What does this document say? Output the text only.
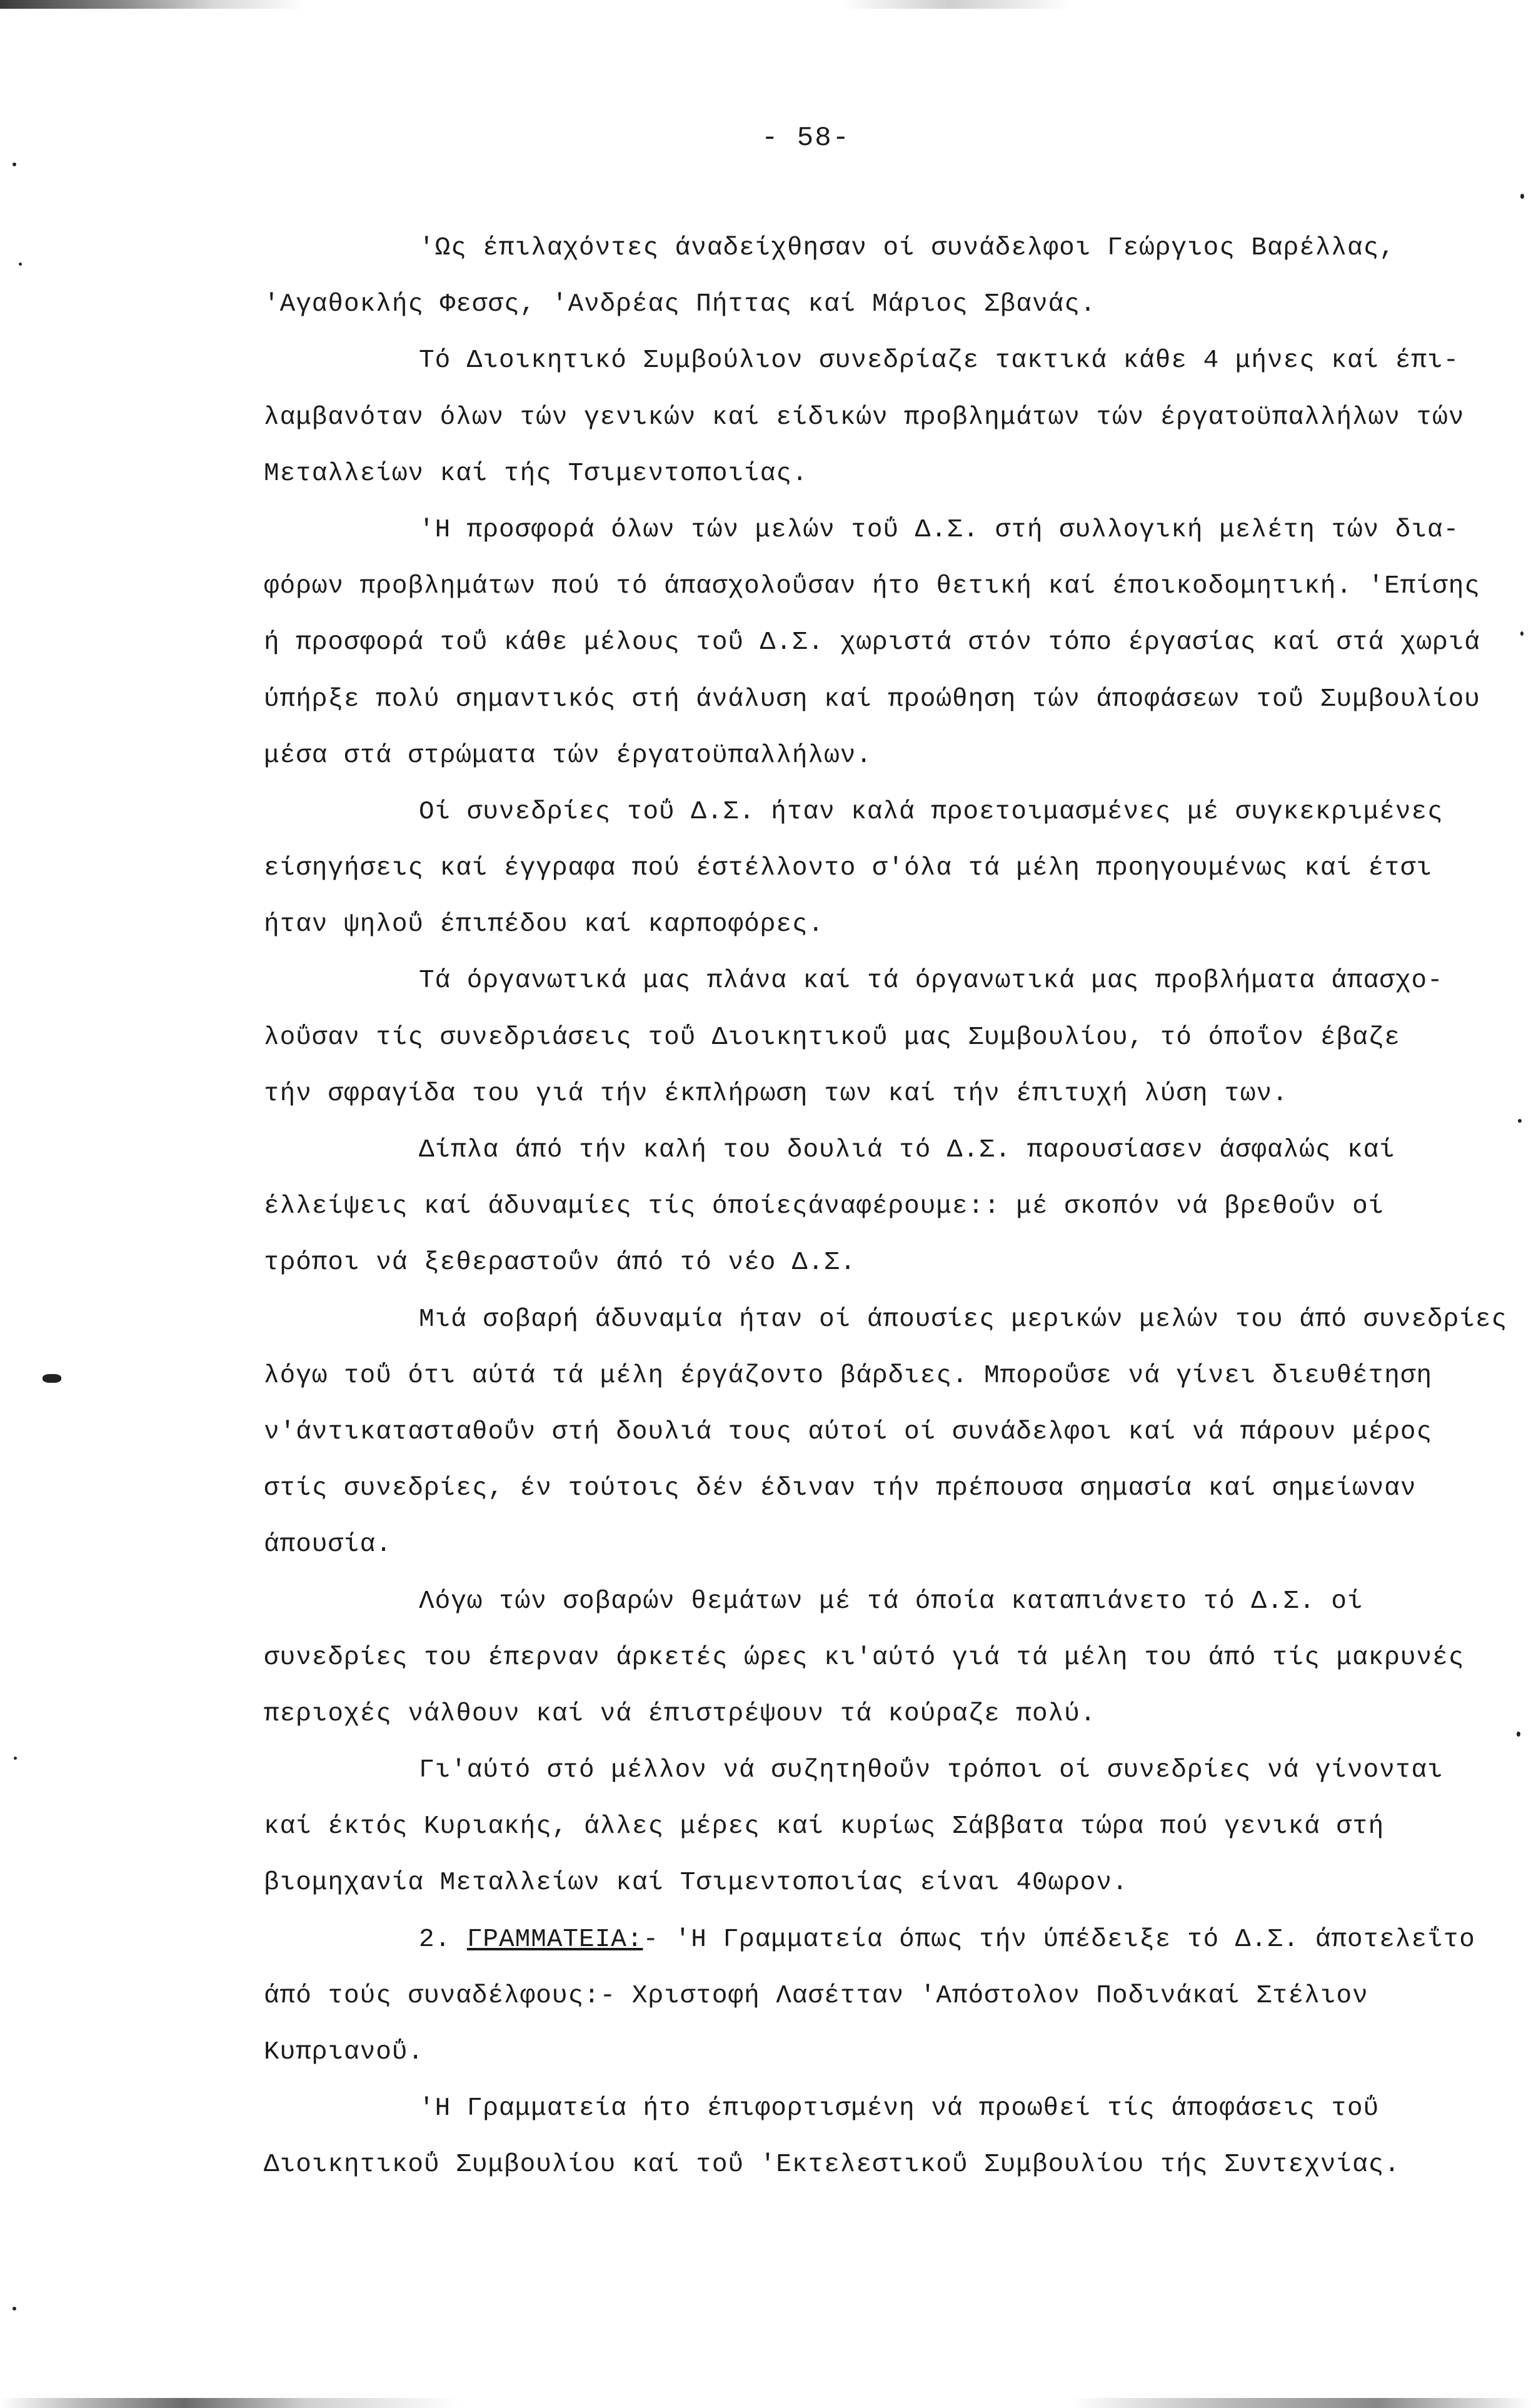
- 58-
'Ως έπιλαχόντες άναδείχθησαν οί συνάδελφοι Γεώργιος Βαρέλλας,
'Αγαθοκλής Φεσσς, 'Ανδρέας Πήττας καί Μάριος Σβανάς.
Τό Διοικητικό Συμβούλιον συνεδρίαζε τακτικά κάθε 4 μήνες καί έπι-
λαμβανόταν όλων τών γενικών καί είδικών προβλημάτων τών έργατοϋπαλλήλων τών
Μεταλλείων καί τής Τσιμεντοποιίας.
'Η προσφορά όλων τών μελών τοΰ Δ.Σ. στή συλλογική μελέτη τών δια-
φόρων προβλημάτων πού τό άπασχολοΰσαν ήτο θετική καί έποικοδομητική. 'Επίσης
ή προσφορά τοΰ κάθε μέλους τοΰ Δ.Σ. χωριστά στόν τόπο έργασίας καί στά χωριά
ύπήρξε πολύ σημαντικός στή άνάλυση καί προώθηση τών άποφάσεων τοΰ Συμβουλίου
μέσα στά στρώματα τών έργατοϋπαλλήλων.
Οί συνεδρίες τοΰ Δ.Σ. ήταν καλά προετοιμασμένες μέ συγκεκριμένες
είσηγήσεις καί έγγραφα πού έστέλλοντο σ'όλα τά μέλη προηγουμένως καί έτσι
ήταν ψηλοΰ έπιπέδου καί καρποφόρες.
Τά όργανωτικά μας πλάνα καί τά όργανωτικά μας προβλήματα άπασχο-
λοΰσαν τίς συνεδριάσεις τοΰ Διοικητικοΰ μας Συμβουλίου, τό όποΐον έβαζε
τήν σφραγίδα του γιά τήν έκπλήρωση των καί τήν έπιτυχή λύση των.
Δίπλα άπό τήν καλή του δουλιά τό Δ.Σ. παρουσίασεν άσφαλώς καί
έλλείψεις καί άδυναμίες τίς όποίεςάναφέρουμε:: μέ σκοπόν νά βρεθοΰν οί
τρόποι νά ξεθεραστοΰν άπό τό νέο Δ.Σ.
Μιά σοβαρή άδυναμία ήταν οί άπουσίες μερικών μελών του άπό συνεδρίες
λόγω τοΰ ότι αύτά τά μέλη έργάζοντο βάρδιες. Μποροΰσε νά γίνει διευθέτηση
ν'άντικατασταθοΰν στή δουλιά τους αύτοί οί συνάδελφοι καί νά πάρουν μέρος
στίς συνεδρίες, έν τούτοις δέν έδιναν τήν πρέπουσα σημασία καί σημείωναν
άπουσία.
Λόγω τών σοβαρών θεμάτων μέ τά όποία καταπιάνετο τό Δ.Σ. οί
συνεδρίες του έπερναν άρκετές ώρες κι'αύτό γιά τά μέλη του άπό τίς μακρυνές
περιοχές νάλθουν καί νά έπιστρέψουν τά κούραζε πολύ.
Γι'αύτό στό μέλλον νά συζητηθοΰν τρόποι οί συνεδρίες νά γίνονται
καί έκτός Κυριακής, άλλες μέρες καί κυρίως Σάββατα τώρα πού γενικά στή
βιομηχανία Μεταλλείων καί Τσιμεντοποιίας είναι 40ωρον.
2. ΓΡΑΜΜΑΤΕΙΑ:- 'Η Γραμματεία όπως τήν ύπέδειξε τό Δ.Σ. άποτελεΐτο
άπό τούς συναδέλφους:- Χριστοφή Λασέτταν 'Απόστολον Ποδινάκαί Στέλιον
Κυπριανοΰ.
'Η Γραμματεία ήτο έπιφορτισμένη νά προωθεί τίς άποφάσεις τοΰ
Διοικητικοΰ Συμβουλίου καί τοΰ 'Εκτελεστικοΰ Συμβουλίου τής Συντεχνίας.
